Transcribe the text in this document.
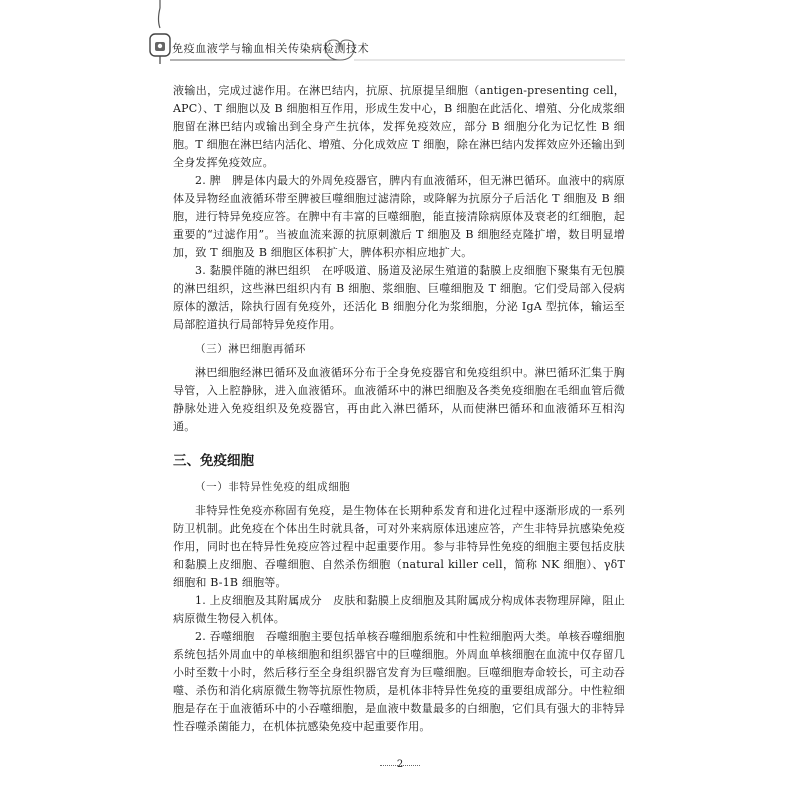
免疫血液学与输血相关传染病检测技术

液输出，完成过滤作用。在淋巴结内，抗原、抗原提呈细胞（antigen-presenting cell，APC）、T 细胞以及 B 细胞相互作用，形成生发中心，B 细胞在此活化、增殖、分化成浆细胞留在淋巴结内或输出到全身产生抗体，发挥免疫效应，部分 B 细胞分化为记忆性 B 细胞。T 细胞在淋巴结内活化、增殖、分化成效应 T 细胞，除在淋巴结内发挥效应外还输出到全身发挥免疫效应。

2. 脾　脾是体内最大的外周免疫器官，脾内有血液循环，但无淋巴循环。血液中的病原体及异物经血液循环带至脾被巨噬细胞过滤清除，或降解为抗原分子后活化 T 细胞及 B 细胞，进行特异免疫应答。在脾中有丰富的巨噬细胞，能直接清除病原体及衰老的红细胞，起重要的“过滤作用”。当被血流来源的抗原刺激后 T 细胞及 B 细胞经克隆扩增，数目明显增加，致 T 细胞及 B 细胞区体积扩大，脾体积亦相应地扩大。

3. 黏膜伴随的淋巴组织　在呼吸道、肠道及泌尿生殖道的黏膜上皮细胞下聚集有无包膜的淋巴组织，这些淋巴组织内有 B 细胞、浆细胞、巨噬细胞及 T 细胞。它们受局部入侵病原体的激活，除执行固有免疫外，还活化 B 细胞分化为浆细胞，分泌 IgA 型抗体，输运至局部腔道执行局部特异免疫作用。

（三）淋巴细胞再循环

淋巴细胞经淋巴循环及血液循环分布于全身免疫器官和免疫组织中。淋巴循环汇集于胸导管，入上腔静脉，进入血液循环。血液循环中的淋巴细胞及各类免疫细胞在毛细血管后微静脉处进入免疫组织及免疫器官，再由此入淋巴循环，从而使淋巴循环和血液循环互相沟通。

三、免疫细胞
（一）非特异性免疫的组成细胞

非特异性免疫亦称固有免疫，是生物体在长期种系发育和进化过程中逐渐形成的一系列防卫机制。此免疫在个体出生时就具备，可对外来病原体迅速应答，产生非特异抗感染免疫作用，同时也在特异性免疫应答过程中起重要作用。参与非特异性免疫的细胞主要包括皮肤和黏膜上皮细胞、吞噬细胞、自然杀伤细胞（natural killer cell，简称 NK 细胞）、γδT 细胞和 B-1B 细胞等。

1. 上皮细胞及其附属成分　皮肤和黏膜上皮细胞及其附属成分构成体表物理屏障，阻止病原微生物侵入机体。

2. 吞噬细胞　吞噬细胞主要包括单核吞噬细胞系统和中性粒细胞两大类。单核吞噬细胞系统包括外周血中的单核细胞和组织器官中的巨噬细胞。外周血单核细胞在血流中仅存留几小时至数十小时，然后移行至全身组织器官发育为巨噬细胞。巨噬细胞寿命较长，可主动吞噬、杀伤和消化病原微生物等抗原性物质，是机体非特异性免疫的重要组成部分。中性粒细胞是存在于血液循环中的小吞噬细胞，是血液中数量最多的白细胞，它们具有强大的非特异性吞噬杀菌能力，在机体抗感染免疫中起重要作用。

2
